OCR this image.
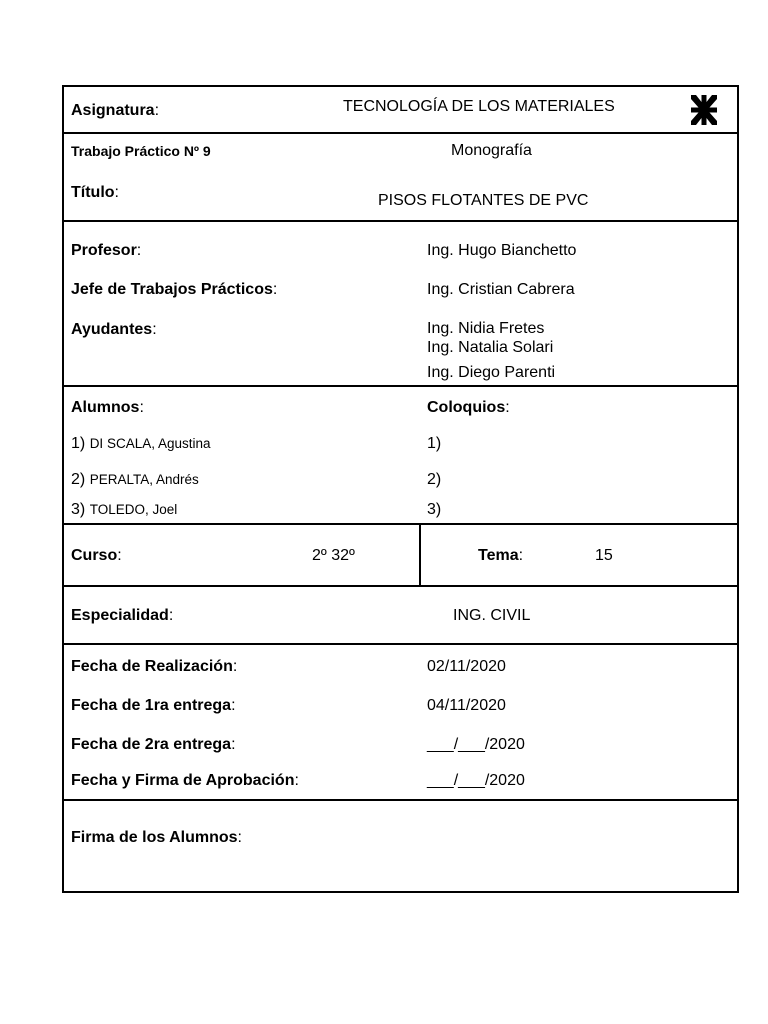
Asignatura:	TECNOLOGÍA DE LOS MATERIALES
Trabajo Práctico Nº 9	Monografía
Título:	PISOS FLOTANTES DE PVC
Profesor:	Ing. Hugo Bianchetto
Jefe de Trabajos Prácticos:	Ing. Cristian Cabrera
Ayudantes:	Ing. Nidia Fretes
Ing. Natalia Solari
Ing. Diego Parenti
Alumnos:	Coloquios:
1) DI SCALA, Agustina	1)
2) PERALTA, Andrés	2)
3) TOLEDO, Joel	3)
Curso:	2º 32º	Tema:	15
Especialidad:	ING. CIVIL
Fecha de Realización:	02/11/2020
Fecha de 1ra entrega:	04/11/2020
Fecha de 2ra entrega:	___/___/2020
Fecha y Firma de Aprobación:	___/___/2020
Firma de los Alumnos:
